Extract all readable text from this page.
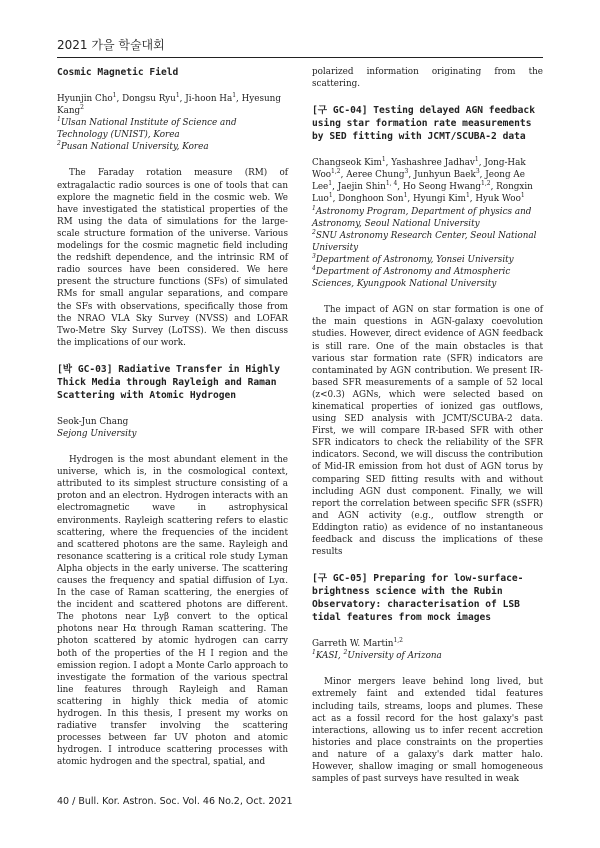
2021 가을 학술대회

Cosmic Magnetic Field

Hyunjin Cho$^1$, Dongsu Ryu$^1$, Ji-hoon Ha$^1$, Hyesung Kang$^2$

$^1$Ulsan National Institute of Science and Technology (UNIST), Korea

$^2$Pusan National University, Korea

The Faraday rotation measure (RM) of extragalactic radio sources is one of tools that can explore the magnetic field in the cosmic web. We have investigated the statistical properties of the RM using the data of simulations for the large-scale structure formation of the universe. Various modelings for the cosmic magnetic field including the redshift dependence, and the intrinsic RM of radio sources have been considered. We here present the structure functions (SFs) of simulated RMs for small angular separations, and compare the SFs with observations, specifically those from the NRAO VLA Sky Survey (NVSS) and LOFAR Two-Metre Sky Survey (LoTSS). We then discuss the implications of our work.

[박 GC-03] Radiative Transfer in Highly Thick Media through Rayleigh and Raman Scattering with Atomic Hydrogen

Seok-Jun Chang

Sejong University

Hydrogen is the most abundant element in the universe, which is, in the cosmological context, attributed to its simplest structure consisting of a proton and an electron. Hydrogen interacts with an electromagnetic wave in astrophysical environments. Rayleigh scattering refers to elastic scattering, where the frequencies of the incident and scattered photons are the same. Rayleigh and resonance scattering is a critical role study Lyman Alpha objects in the early universe. The scattering causes the frequency and spatial diffusion of Lyα. In the case of Raman scattering, the energies of the incident and scattered photons are different. The photons near Lyβ convert to the optical photons near Hα through Raman scattering. The photon scattered by atomic hydrogen can carry both of the properties of the H I region and the emission region. I adopt a Monte Carlo approach to investigate the formation of the various spectral line features through Rayleigh and Raman scattering in highly thick media of atomic hydrogen. In this thesis, I present my works on radiative transfer involving the scattering processes between far UV photon and atomic hydrogen. I introduce scattering processes with atomic hydrogen and the spectral, spatial, and

polarized information originating from the scattering.

[구 GC-04] Testing delayed AGN feedback using star formation rate measurements by SED fitting with JCMT/SCUBA-2 data

Changseok Kim$^1$, Yashashree Jadhav$^1$, Jong-Hak Woo$^{1,2}$, Aeree Chung$^3$, Junhyun Baek$^3$, Jeong Ae Lee$^1$, Jaejin Shin$^{1, 4}$, Ho Seong Hwang$^{1,2}$, Rongxin Luo$^1$, Donghoon Son$^1$, Hyungi Kim$^1$, Hyuk Woo$^1$

$^1$Astronomy Program, Department of physics and Astronomy, Seoul National University

$^2$SNU Astronomy Research Center, Seoul National University

$^3$Department of Astronomy, Yonsei University

$^4$Department of Astronomy and Atmospheric Sciences, Kyungpook National University

The impact of AGN on star formation is one of the main questions in AGN-galaxy coevolution studies. However, direct evidence of AGN feedback is still rare. One of the main obstacles is that various star formation rate (SFR) indicators are contaminated by AGN contribution. We present IR-based SFR measurements of a sample of 52 local (z<0.3) AGNs, which were selected based on kinematical properties of ionized gas outflows, using SED analysis with JCMT/SCUBA-2 data. First, we will compare IR-based SFR with other SFR indicators to check the reliability of the SFR indicators. Second, we will discuss the contribution of Mid-IR emission from hot dust of AGN torus by comparing SED fitting results with and without including AGN dust component. Finally, we will report the correlation between specific SFR (sSFR) and AGN activity (e.g., outflow strength or Eddington ratio) as evidence of no instantaneous feedback and discuss the implications of these results

[구 GC-05] Preparing for low-surface-brightness science with the Rubin Observatory: characterisation of LSB tidal features from mock images

Garreth W. Martin$^{1,2}$

$^1$KASI, $^2$University of Arizona

Minor mergers leave behind long lived, but extremely faint and extended tidal features including tails, streams, loops and plumes. These act as a fossil record for the host galaxy's past interactions, allowing us to infer recent accretion histories and place constraints on the properties and nature of a galaxy's dark matter halo. However, shallow imaging or small homogeneous samples of past surveys have resulted in weak

40 / Bull. Kor. Astron. Soc. Vol. 46 No.2, Oct. 2021
